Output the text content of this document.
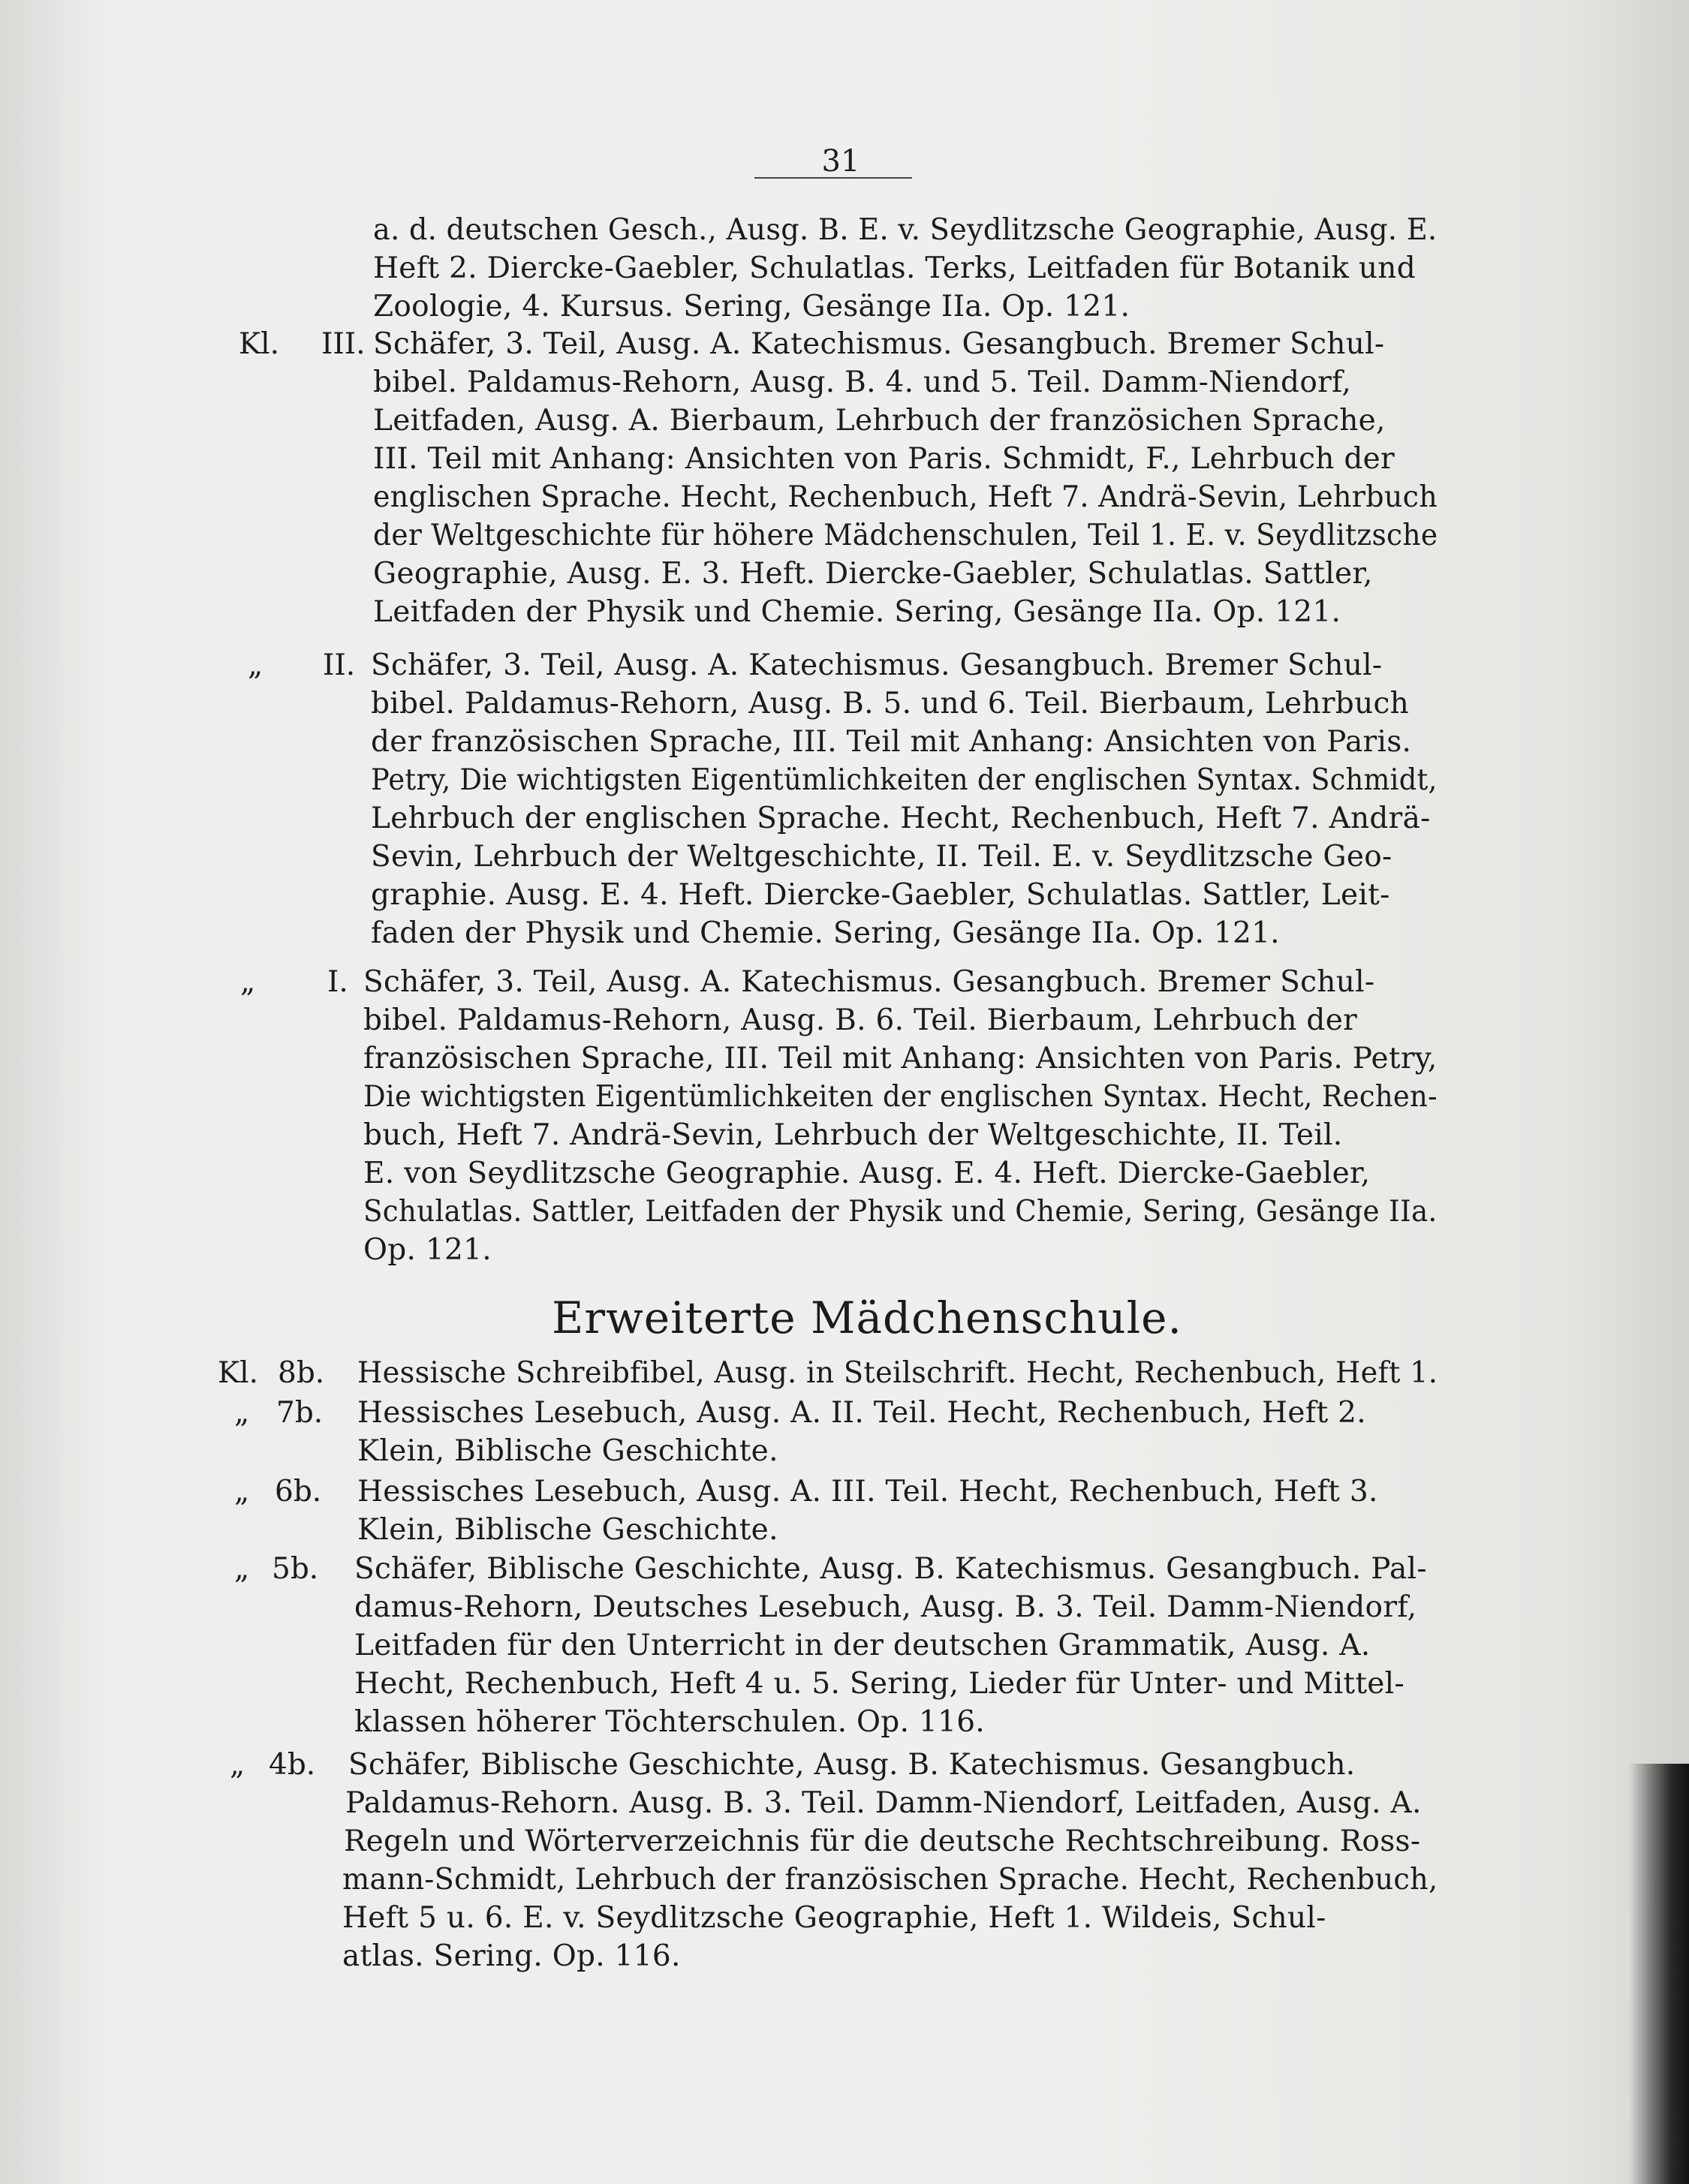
31
a. d. deutschen Gesch., Ausg. B. E. v. Seydlitzsche Geographie, Ausg. E.
Heft 2. Diercke-Gaebler, Schulatlas. Terks, Leitfaden für Botanik und
Zoologie, 4. Kursus. Sering, Gesänge IIa. Op. 121.
Kl. III. Schäfer, 3. Teil, Ausg. A. Katechismus. Gesangbuch. Bremer Schul-
bibel. Paldamus-Rehorn, Ausg. B. 4. und 5. Teil. Damm-Niendorf,
Leitfaden, Ausg. A. Bierbaum, Lehrbuch der französichen Sprache,
III. Teil mit Anhang: Ansichten von Paris. Schmidt, F., Lehrbuch der
englischen Sprache. Hecht, Rechenbuch, Heft 7. Andrä-Sevin, Lehrbuch
der Weltgeschichte für höhere Mädchenschulen, Teil 1. E. v. Seydlitzsche
Geographie, Ausg. E. 3. Heft. Diercke-Gaebler, Schulatlas. Sattler,
Leitfaden der Physik und Chemie. Sering, Gesänge IIa. Op. 121.
„ II. Schäfer, 3. Teil, Ausg. A. Katechismus. Gesangbuch. Bremer Schul-
bibel. Paldamus-Rehorn, Ausg. B. 5. und 6. Teil. Bierbaum, Lehrbuch
der französischen Sprache, III. Teil mit Anhang: Ansichten von Paris.
Petry, Die wichtigsten Eigentümlichkeiten der englischen Syntax. Schmidt,
Lehrbuch der englischen Sprache. Hecht, Rechenbuch, Heft 7. Andrä-
Sevin, Lehrbuch der Weltgeschichte, II. Teil. E. v. Seydlitzsche Geo-
graphie. Ausg. E. 4. Heft. Diercke-Gaebler, Schulatlas. Sattler, Leit-
faden der Physik und Chemie. Sering, Gesänge IIa. Op. 121.
„ I. Schäfer, 3. Teil, Ausg. A. Katechismus. Gesangbuch. Bremer Schul-
bibel. Paldamus-Rehorn, Ausg. B. 6. Teil. Bierbaum, Lehrbuch der
französischen Sprache, III. Teil mit Anhang: Ansichten von Paris. Petry,
Die wichtigsten Eigentümlichkeiten der englischen Syntax. Hecht, Rechen-
buch, Heft 7. Andrä-Sevin, Lehrbuch der Weltgeschichte, II. Teil.
E. von Seydlitzsche Geographie. Ausg. E. 4. Heft. Diercke-Gaebler,
Schulatlas. Sattler, Leitfaden der Physik und Chemie, Sering, Gesänge IIa.
Op. 121.
Erweiterte Mädchenschule.
Kl. 8b. Hessische Schreibfibel, Ausg. in Steilschrift. Hecht, Rechenbuch, Heft 1.
„ 7b. Hessisches Lesebuch, Ausg. A. II. Teil. Hecht, Rechenbuch, Heft 2.
Klein, Biblische Geschichte.
„ 6b. Hessisches Lesebuch, Ausg. A. III. Teil. Hecht, Rechenbuch, Heft 3.
Klein, Biblische Geschichte.
„ 5b. Schäfer, Biblische Geschichte, Ausg. B. Katechismus. Gesangbuch. Pal-
damus-Rehorn, Deutsches Lesebuch, Ausg. B. 3. Teil. Damm-Niendorf,
Leitfaden für den Unterricht in der deutschen Grammatik, Ausg. A.
Hecht, Rechenbuch, Heft 4 u. 5. Sering, Lieder für Unter- und Mittel-
klassen höherer Töchterschulen. Op. 116.
„ 4b. Schäfer, Biblische Geschichte, Ausg. B. Katechismus. Gesangbuch.
Paldamus-Rehorn. Ausg. B. 3. Teil. Damm-Niendorf, Leitfaden, Ausg. A.
Regeln und Wörterverzeichnis für die deutsche Rechtschreibung. Ross-
mann-Schmidt, Lehrbuch der französischen Sprache. Hecht, Rechenbuch,
Heft 5 u. 6. E. v. Seydlitzsche Geographie, Heft 1. Wildeis, Schul-
atlas. Sering. Op. 116.
